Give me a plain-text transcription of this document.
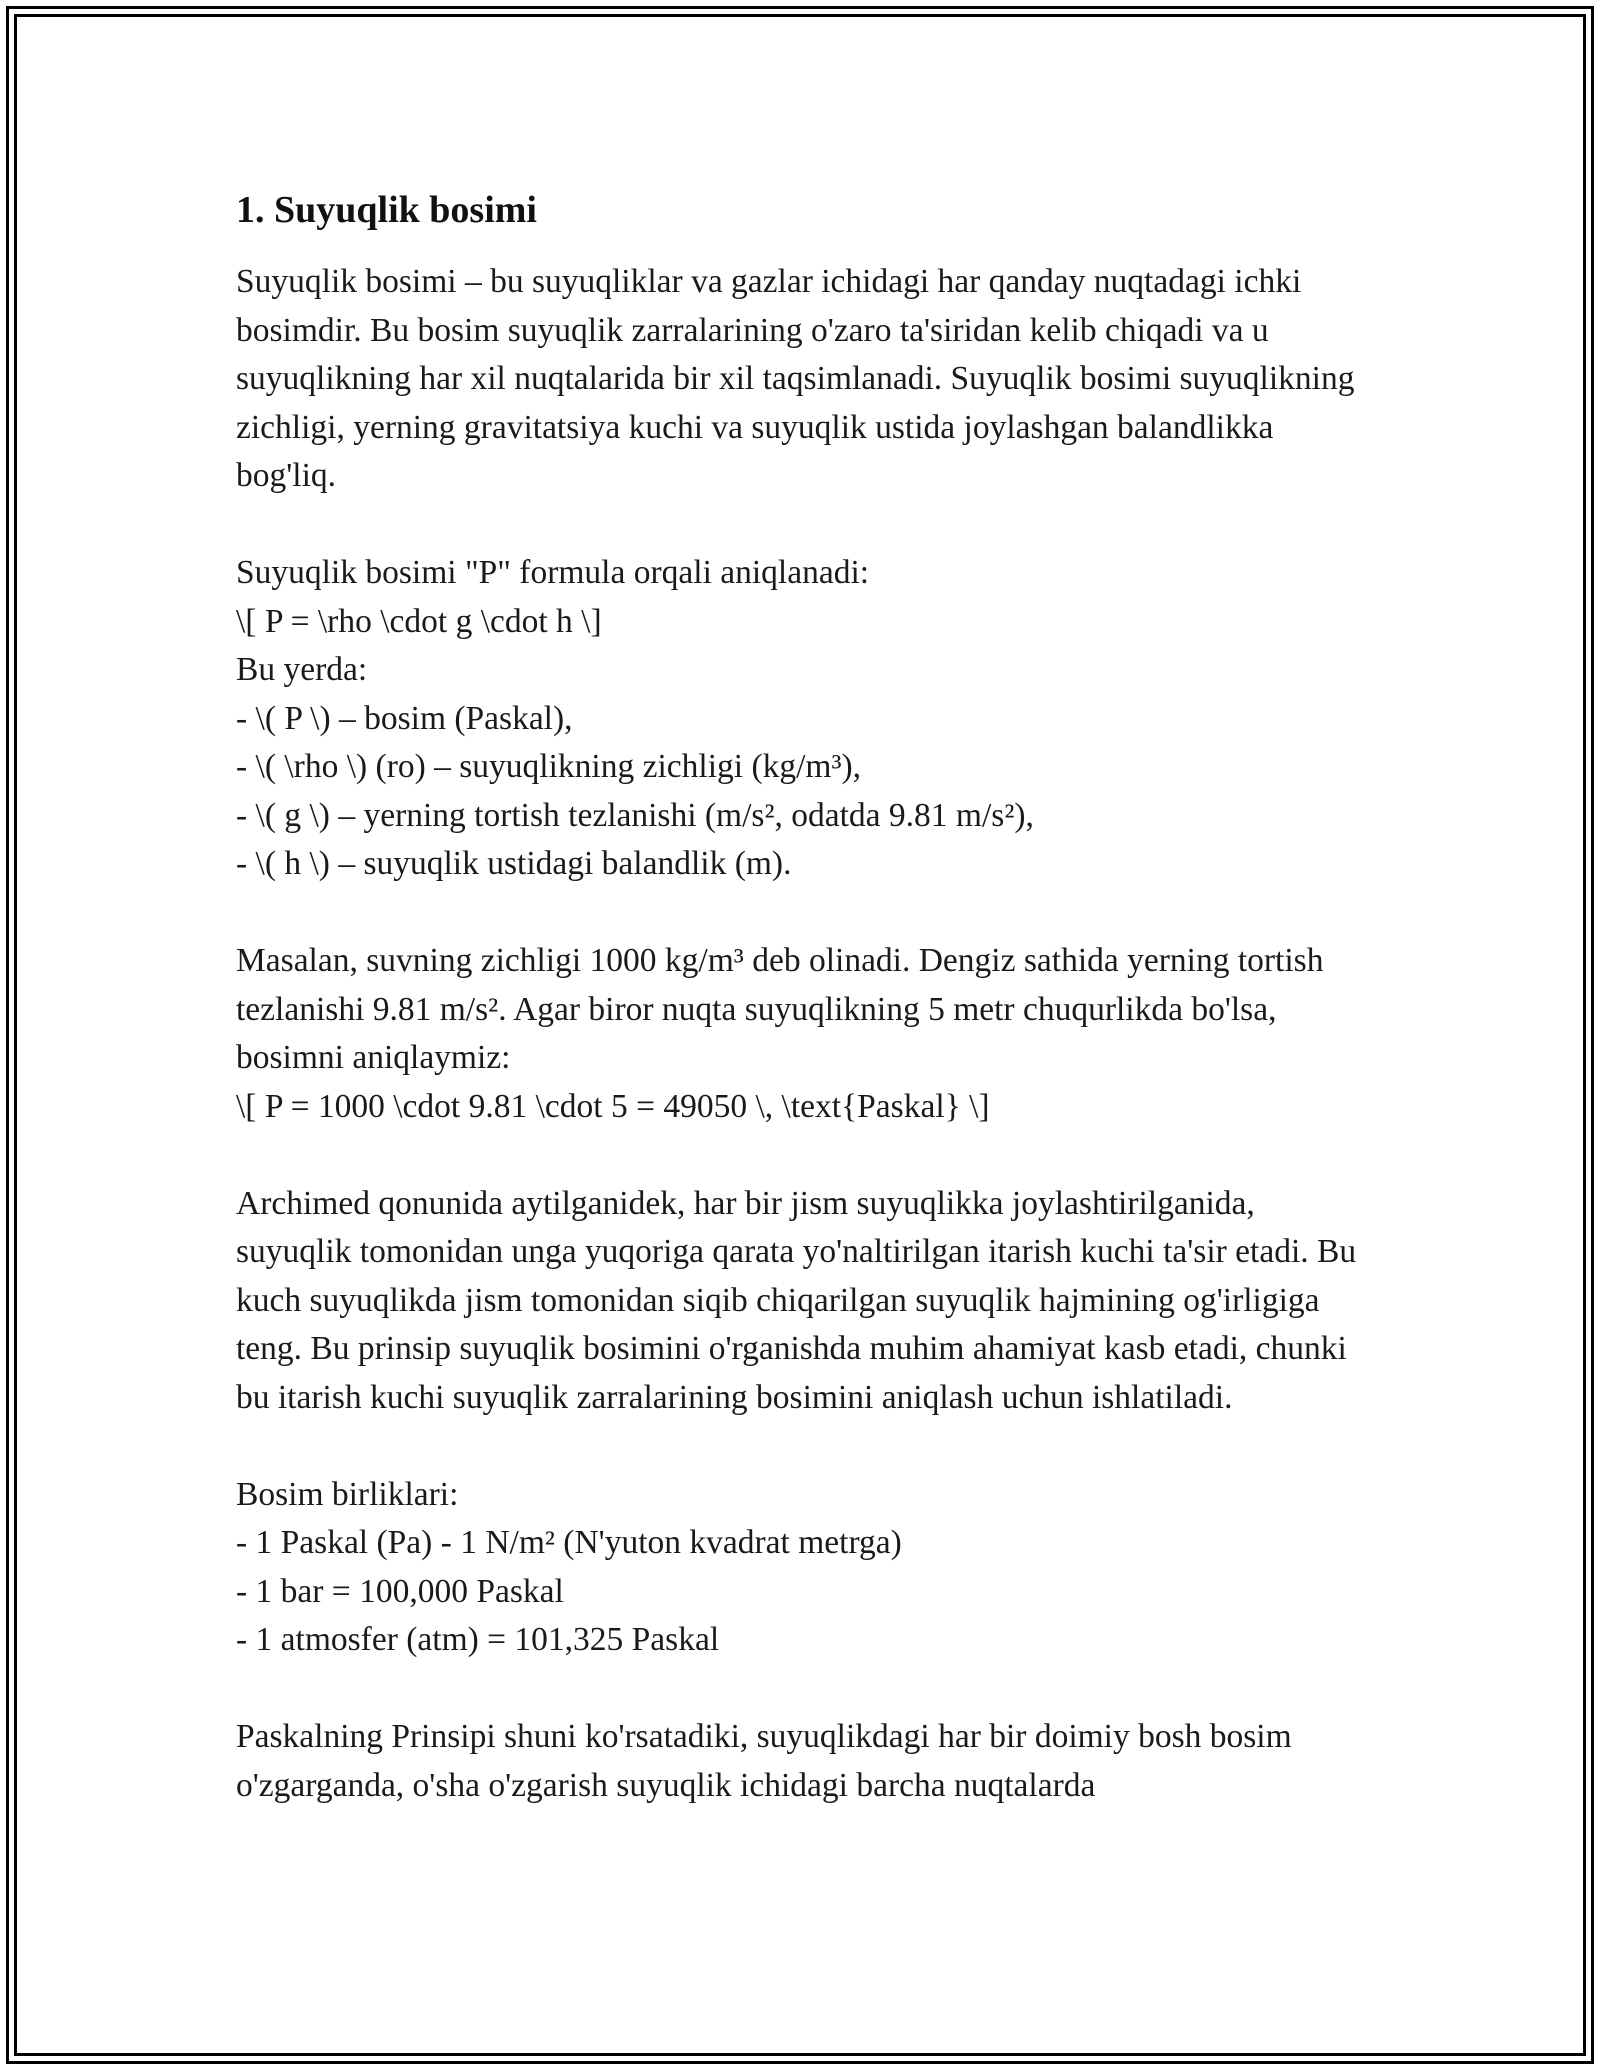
1. Suyuqlik bosimi

Suyuqlik bosimi – bu suyuqliklar va gazlar ichidagi har qanday nuqtadagi ichki bosimdir. Bu bosim suyuqlik zarralarining o'zaro ta'siridan kelib chiqadi va u suyuqlikning har xil nuqtalarida bir xil taqsimlanadi. Suyuqlik bosimi suyuqlikning zichligi, yerning gravitatsiya kuchi va suyuqlik ustida joylashgan balandlikka bog'liq.

Suyuqlik bosimi "P" formula orqali aniqlanadi:
\[ P = \rho \cdot g \cdot h \]
Bu yerda:
- \( P \) – bosim (Paskal),
- \( \rho \) (ro) – suyuqlikning zichligi (kg/m³),
- \( g \) – yerning tortish tezlanishi (m/s², odatda 9.81 m/s²),
- \( h \) – suyuqlik ustidagi balandlik (m).

Masalan, suvning zichligi 1000 kg/m³ deb olinadi. Dengiz sathida yerning tortish tezlanishi 9.81 m/s². Agar biror nuqta suyuqlikning 5 metr chuqurlikda bo'lsa, bosimni aniqlaymiz:

\[ P = 1000 \cdot 9.81 \cdot 5 = 49050 \, \text{Paskal} \]

Archimed qonunida aytilganidek, har bir jism suyuqlikka joylashtirilganida, suyuqlik tomonidan unga yuqoriga qarata yo'naltirilgan itarish kuchi ta'sir etadi. Bu kuch suyuqlikda jism tomonidan siqib chiqarilgan suyuqlik hajmining og'irligiga teng. Bu prinsip suyuqlik bosimini o'rganishda muhim ahamiyat kasb etadi, chunki bu itarish kuchi suyuqlik zarralarining bosimini aniqlash uchun ishlatiladi.

Bosim birliklari:
- 1 Paskal (Pa) - 1 N/m² (N'yuton kvadrat metrga)
- 1 bar = 100,000 Paskal
- 1 atmosfer (atm) = 101,325 Paskal

Paskalning Prinsipi shuni ko'rsatadiki, suyuqlikdagi har bir doimiy bosh bosim o'zgarganda, o'sha o'zgarish suyuqlik ichidagi barcha nuqtalarda
